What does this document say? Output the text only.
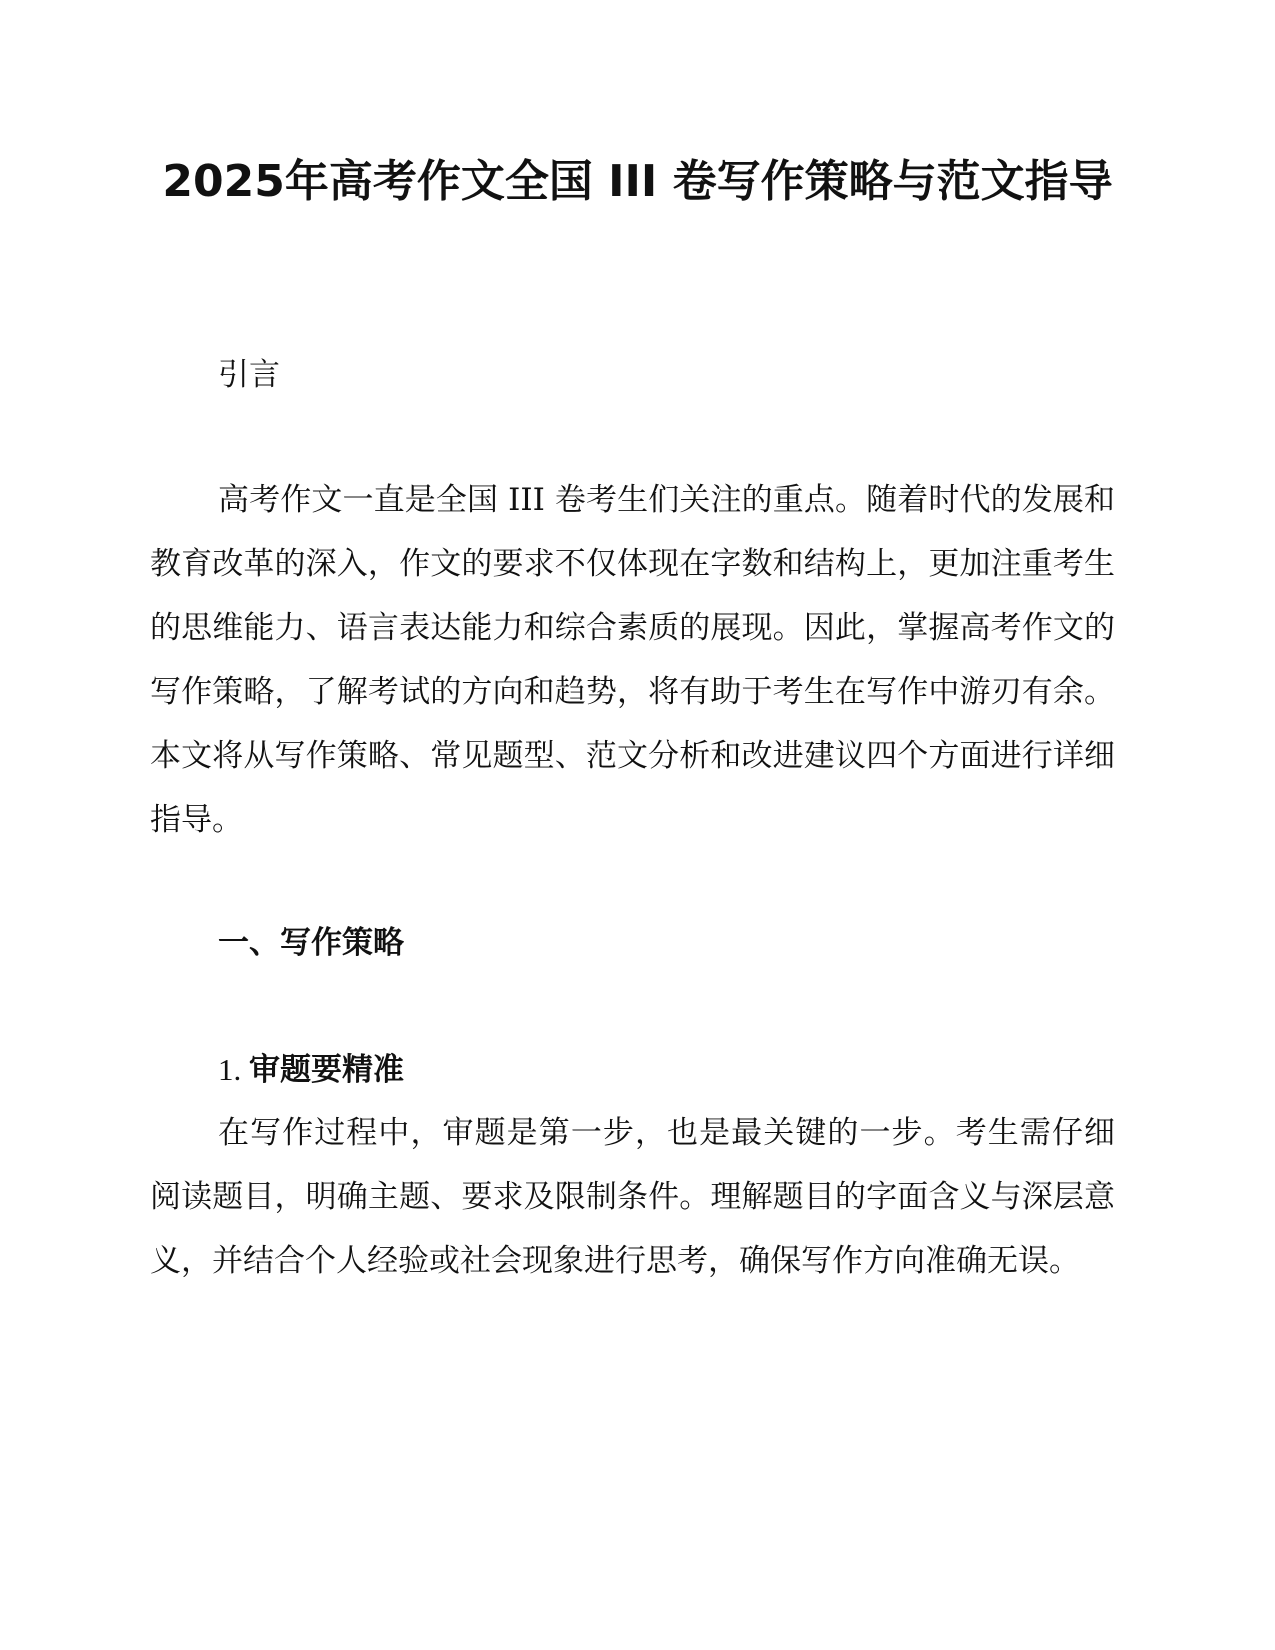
2025年高考作文全国 III 卷写作策略与范文指导
引言

高考作文一直是全国 III 卷考生们关注的重点。随着时代的发展和教育改革的深入，作文的要求不仅体现在字数和结构上，更加注重考生的思维能力、语言表达能力和综合素质的展现。因此，掌握高考作文的写作策略，了解考试的方向和趋势，将有助于考生在写作中游刃有余。本文将从写作策略、常见题型、范文分析和改进建议四个方面进行详细指导。

一、写作策略
1. 审题要精准

在写作过程中，审题是第一步，也是最关键的一步。考生需仔细阅读题目，明确主题、要求及限制条件。理解题目的字面含义与深层意义，并结合个人经验或社会现象进行思考，确保写作方向准确无误。
